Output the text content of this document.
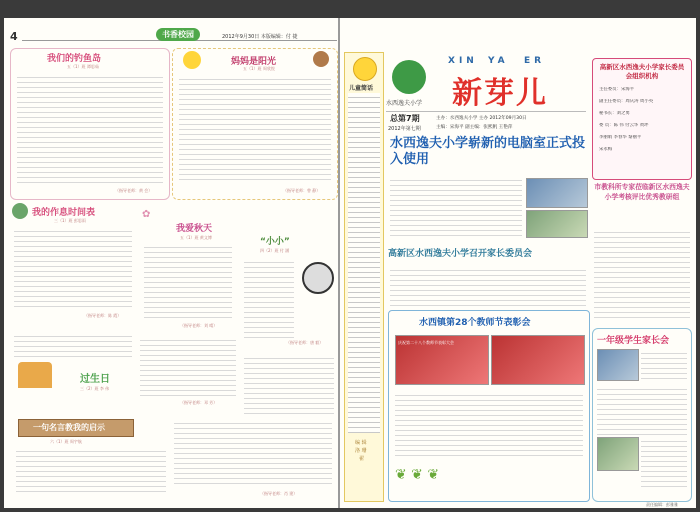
4	书香校园	2012年9月30日 本版编辑：付 捷
我们的钓鱼岛
五（1）班 谭思茹
（指导老师：黄 会）
妈妈是阳光
五（1）班 周欣悦
（指导老师：曾 静）
我的作息时间表
三（1）班 彭思雨
（指导老师：陈 霞）
✿
我爱秋天
五（1）班 黄文博
（指导老师：刘 晴）
“小小”
四（2）班 付 涵
（指导老师：唐 毅）
过生日
三（2）班 李 伟
（指导老师：邓 芳）
一句名言教我的启示
六（1）班 周宇航
（指导老师：肖 建）
儿童简话
编 辑
洛 珊
翟
水西逸夫小学
XIN YA ER
新芽儿
总第7期
2012年第七期
主办：水西逸夫小学 主办 2012年09月30日
主编：宋海平 副主编：张熙帆 王艳萍
水西逸夫小学崭新的电脑室正式投入使用
高新区水西逸夫小学召开家长委员会
水西镇第28个教师节表彰会
庆祝第二十八个教师节表彰大会
❦ ❦ ❦
高新区水西逸夫小学家长委员会组织机构
主任委员：宋海平
副主任委员：周庆涛 周小英
秘书长：刘之勇
委 员：陈 伟 付云华 黄坪
李丽娟 李春华 黎丽平
宋永梅
市教科所专家莅临新区水西逸夫小学考核评比优秀教研组
一年级学生家长会
责任编辑：彭雅雅
